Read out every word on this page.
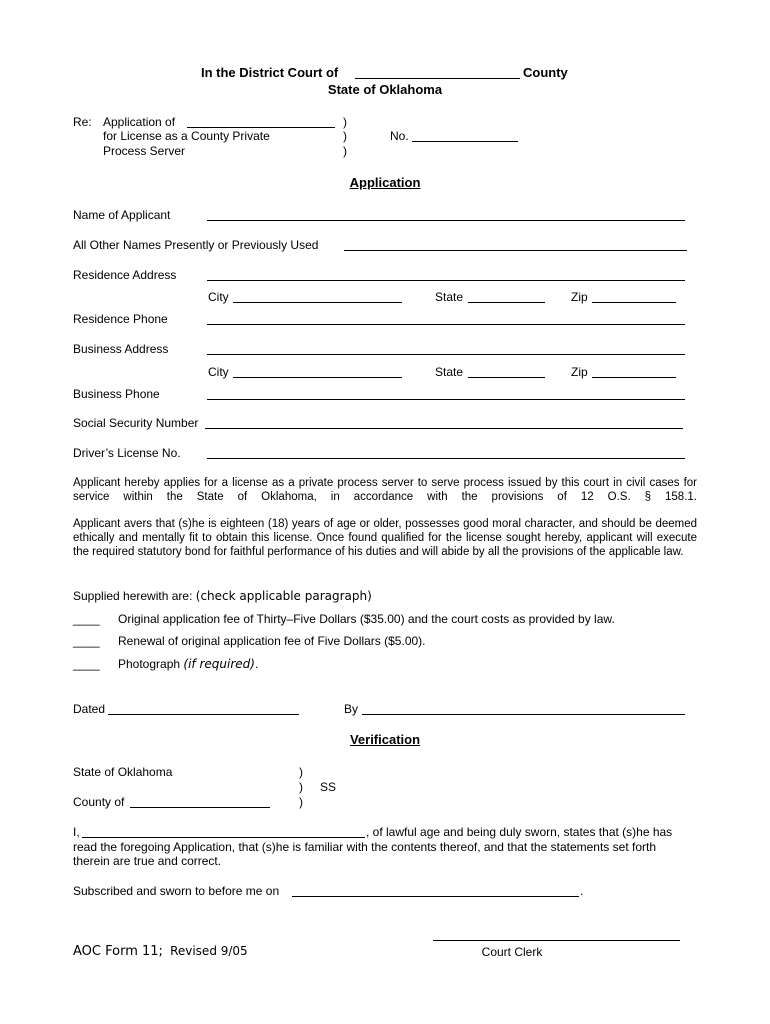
In the District Court of	County
State of Oklahoma
Re: Application of
for License as a County Private
Process Server
)
)
)
No.
Application
Name of Applicant
All Other Names Presently or Previously Used
Residence Address
City	State	Zip
Residence Phone
Business Address
City	State	Zip
Business Phone
Social Security Number
Driver’s License No.
Applicant hereby applies for a license as a private process server to serve process issued by this court in civil cases for service within the State of Oklahoma, in accordance with the provisions of 12 O.S. § 158.1.
Applicant avers that (s)he is eighteen (18) years of age or older, possesses good moral character, and should be deemed ethically and mentally fit to obtain this license. Once found qualified for the license sought hereby, applicant will execute the required statutory bond for faithful performance of his duties and will abide by all the provisions of the applicable law.
Supplied herewith are: (check applicable paragraph)
____ Original application fee of Thirty–Five Dollars ($35.00) and the court costs as provided by law.
____ Renewal of original application fee of Five Dollars ($5.00).
____ Photograph (if required).
Dated	By
Verification
State of Oklahoma	)
) SS
)
County of
I,	, of lawful age and being duly sworn, states that (s)he has
read the foregoing Application, that (s)he is familiar with the contents thereof, and that the statements set forth
therein are true and correct.
Subscribed and sworn to before me on	.
Court Clerk
AOC Form 11; Revised 9/05
